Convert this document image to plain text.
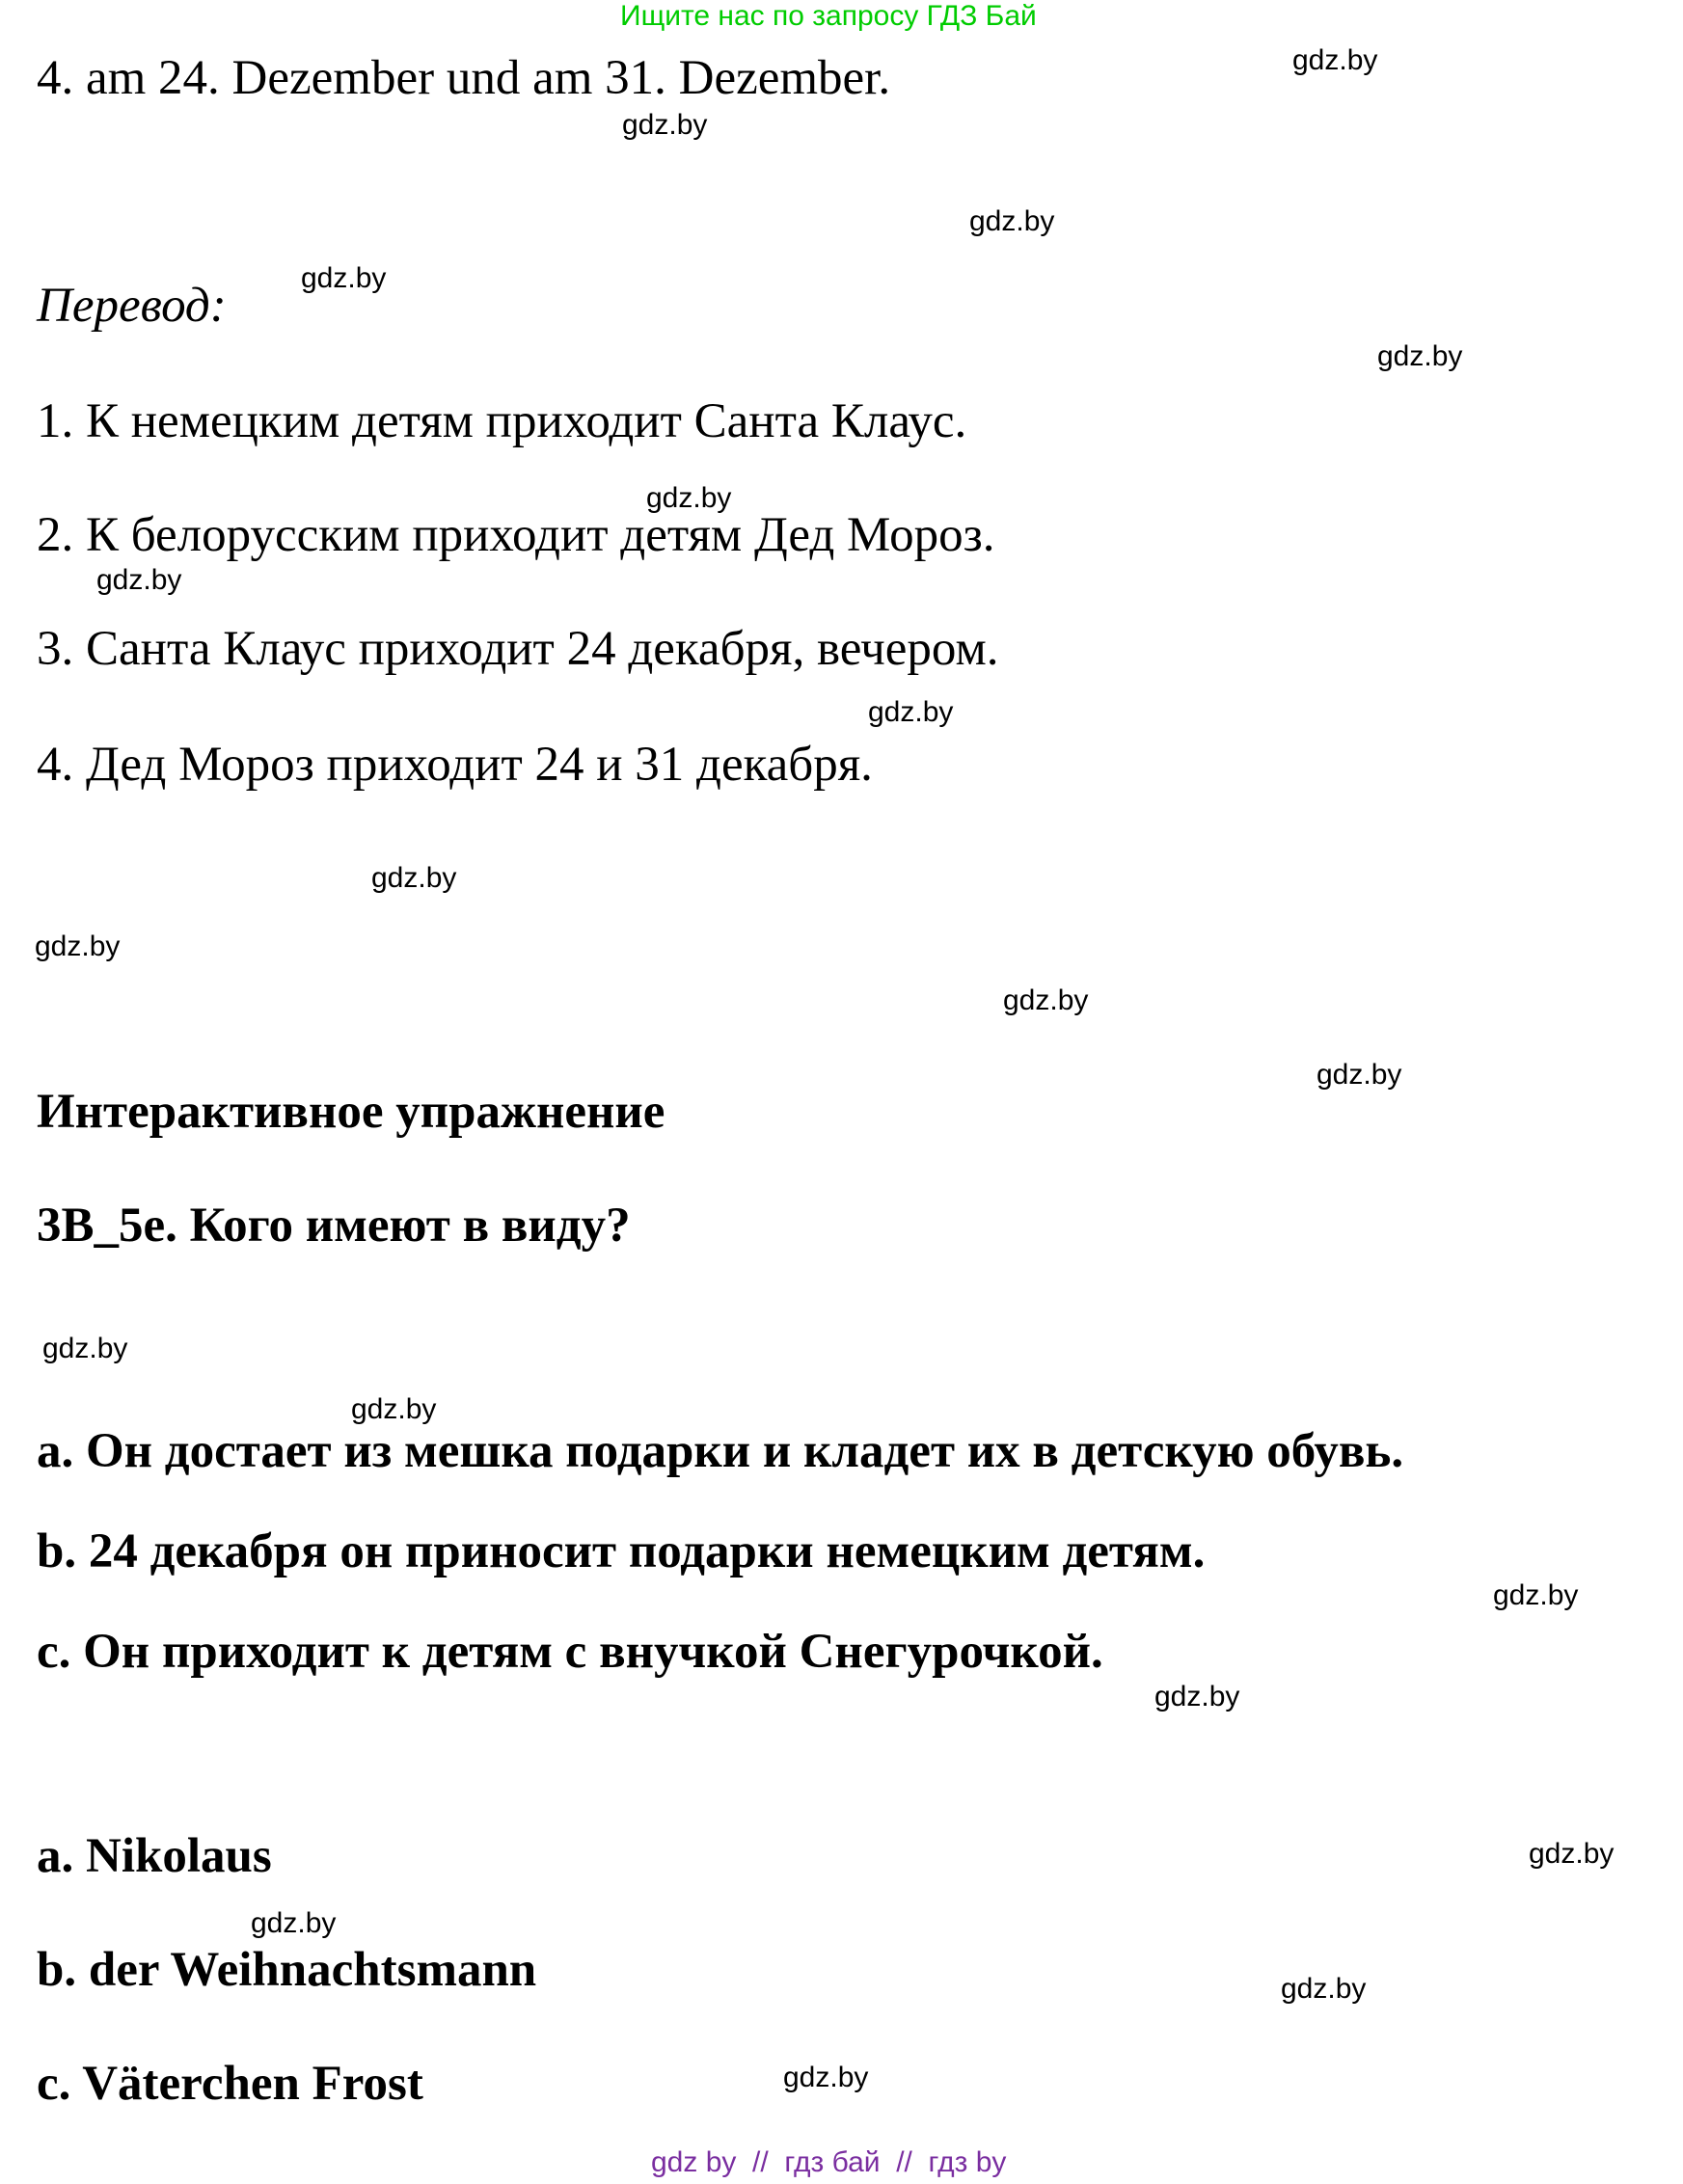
Ищите нас по запросу ГДЗ Бай
4. am 24. Dezember und am 31. Dezember.
Перевод:
1. К немецким детям приходит Санта Клаус.
2. К белорусским приходит детям Дед Мороз.
3. Санта Клаус приходит 24 декабря, вечером.
4. Дед Мороз приходит 24 и 31 декабря.
Интерактивное упражнение
3B_5e. Кого имеют в виду?
a. Он достает из мешка подарки и кладет их в детскую обувь.
b. 24 декабря он приносит подарки немецким детям.
c. Он приходит к детям с внучкой Снегурочкой.
a. Nikolaus
b. der Weihnachtsmann
c. Väterchen Frost
gdz.by
gdz.by
gdz.by
gdz.by
gdz.by
gdz.by
gdz.by
gdz.by
gdz.by
gdz.by
gdz.by
gdz.by
gdz.by
gdz.by
gdz.by
gdz.by
gdz.by
gdz.by
gdz.by
gdz.by
gdz by  //  гдз бай  //  гдз by
